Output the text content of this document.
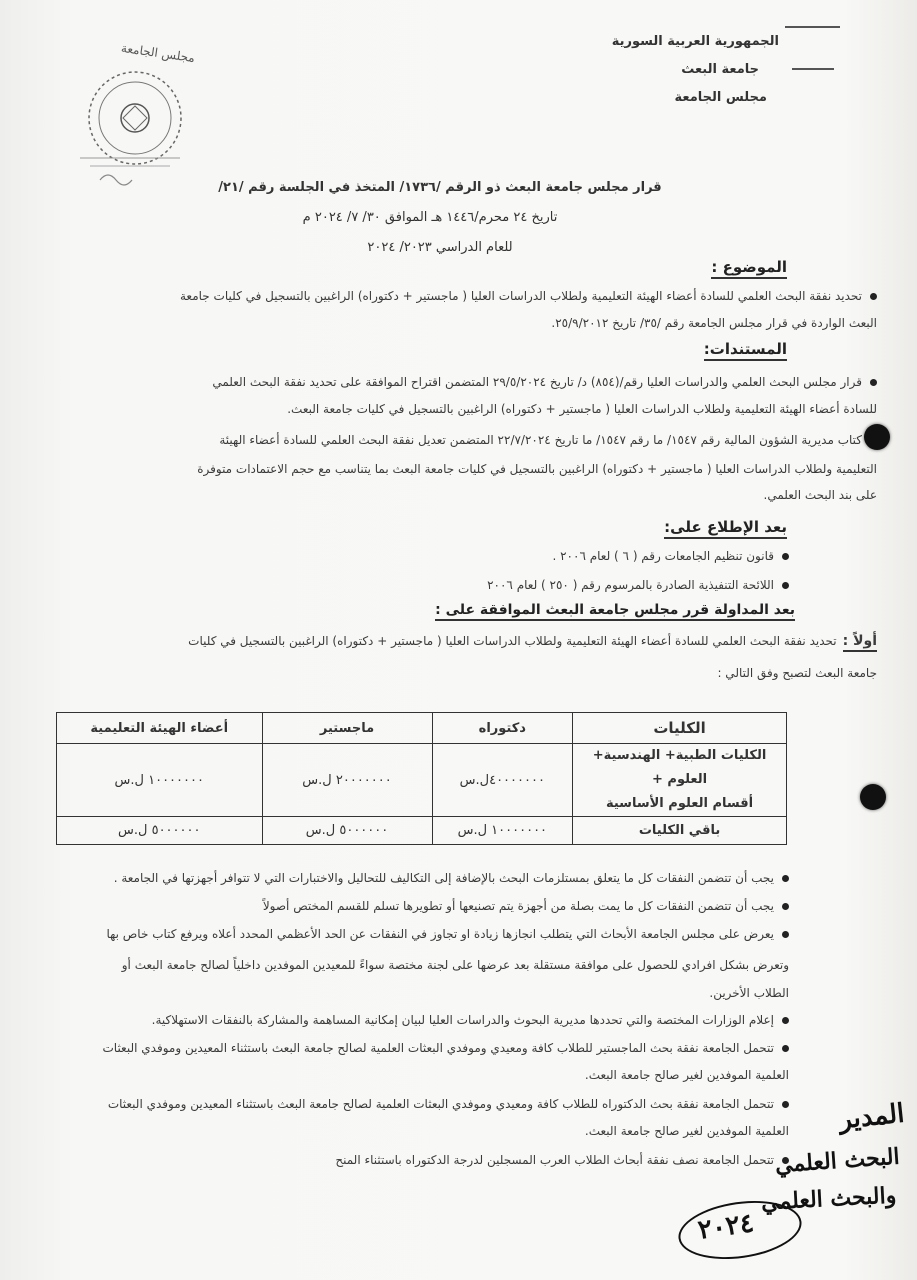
الجمهورية العربية السورية
جامعة البعث
مجلس الجامعة
مجلس الجامعة
قرار مجلس جامعة البعث ذو الرقم /١٧٣٦/ المتخذ في الجلسة رقم /٢١/
تاريخ ٢٤ محرم/١٤٤٦ هـ الموافق ٣٠/ ٧/ ٢٠٢٤ م
للعام الدراسي ٢٠٢٣/ ٢٠٢٤
الموضوع :
تحديد نفقة البحث العلمي للسادة أعضاء الهيئة التعليمية ولطلاب الدراسات العليا ( ماجستير + دكتوراه) الراغبين بالتسجيل في كليات جامعة
البعث الواردة في قرار مجلس الجامعة رقم /٣٥/ تاريخ ٢٥/٩/٢٠١٢.
المستندات:
قرار مجلس البحث العلمي والدراسات العليا رقم/(٨٥٤) د/ تاريخ ٢٩/٥/٢٠٢٤ المتضمن اقتراح الموافقة على تحديد نفقة البحث العلمي
للسادة أعضاء الهيئة التعليمية ولطلاب الدراسات العليا ( ماجستير + دكتوراه) الراغبين بالتسجيل في كليات جامعة البعث.
كتاب مديرية الشؤون المالية رقم ١٥٤٧/ ما رقم ١٥٤٧/ ما تاريخ ٢٢/٧/٢٠٢٤ المتضمن تعديل نفقة البحث العلمي للسادة أعضاء الهيئة
التعليمية ولطلاب الدراسات العليا ( ماجستير + دكتوراه) الراغبين بالتسجيل في كليات جامعة البعث بما يتناسب مع حجم الاعتمادات متوفرة
على بند البحث العلمي.
بعد الإطلاع على:
قانون تنظيم الجامعات رقم ( ٦ ) لعام ٢٠٠٦ .
اللائحة التنفيذية الصادرة بالمرسوم رقم ( ٢٥٠ ) لعام ٢٠٠٦
بعد المداولة قرر مجلس جامعة البعث الموافقة على :
أولاً :تحديد نفقة البحث العلمي للسادة أعضاء الهيئة التعليمية ولطلاب الدراسات العليا ( ماجستير + دكتوراه) الراغبين بالتسجيل في كليات
جامعة البعث لتصبح وفق التالي :
الكليات	دكتوراه	ماجستير	أعضاء الهيئة التعليمية

الكليات الطبية+ الهندسية+ العلوم +
أقسام العلوم الأساسية	٤٠٠٠٠٠٠٠ل.س	٢٠٠٠٠٠٠٠ ل.س	١٠٠٠٠٠٠٠ ل.س
باقي الكليات	١٠٠٠٠٠٠٠ ل.س	٥٠٠٠٠٠٠ ل.س	٥٠٠٠٠٠٠ ل.س
يجب أن تتضمن النفقات كل ما يتعلق بمستلزمات البحث بالإضافة إلى التكاليف للتحاليل والاختبارات التي لا تتوافر أجهزتها في الجامعة .
يجب أن تتضمن النفقات كل ما يمت بصلة من أجهزة يتم تصنيعها أو تطويرها تسلم للقسم المختص أصولاً
يعرض على مجلس الجامعة الأبحاث التي يتطلب انجازها زيادة او تجاوز في النفقات عن الحد الأعظمي المحدد أعلاه ويرفع كتاب خاص بها
وتعرض بشكل افرادي للحصول على موافقة مستقلة بعد عرضها على لجنة مختصة سواءً للمعيدين الموفدين داخلياً لصالح جامعة البعث أو
الطلاب الأخرين.
إعلام الوزارات المختصة والتي تحددها مديرية البحوث والدراسات العليا لبيان إمكانية المساهمة والمشاركة بالنفقات الاستهلاكية.
تتحمل الجامعة نفقة بحث الماجستير للطلاب كافة ومعيدي وموفدي البعثات العلمية لصالح جامعة البعث باستثناء المعيدين وموفدي البعثات
العلمية الموفدين لغير صالح جامعة البعث.
تتحمل الجامعة نفقة بحث الدكتوراه للطلاب كافة ومعيدي وموفدي البعثات العلمية لصالح جامعة البعث باستثناء المعيدين وموفدي البعثات
العلمية الموفدين لغير صالح جامعة البعث.
تتحمل الجامعة نصف نفقة أبحاث الطلاب العرب المسجلين لدرجة الدكتوراه باستثناء المنح
المدير
البحث العلمي
والبحث العلمي
٢٠٢٤
